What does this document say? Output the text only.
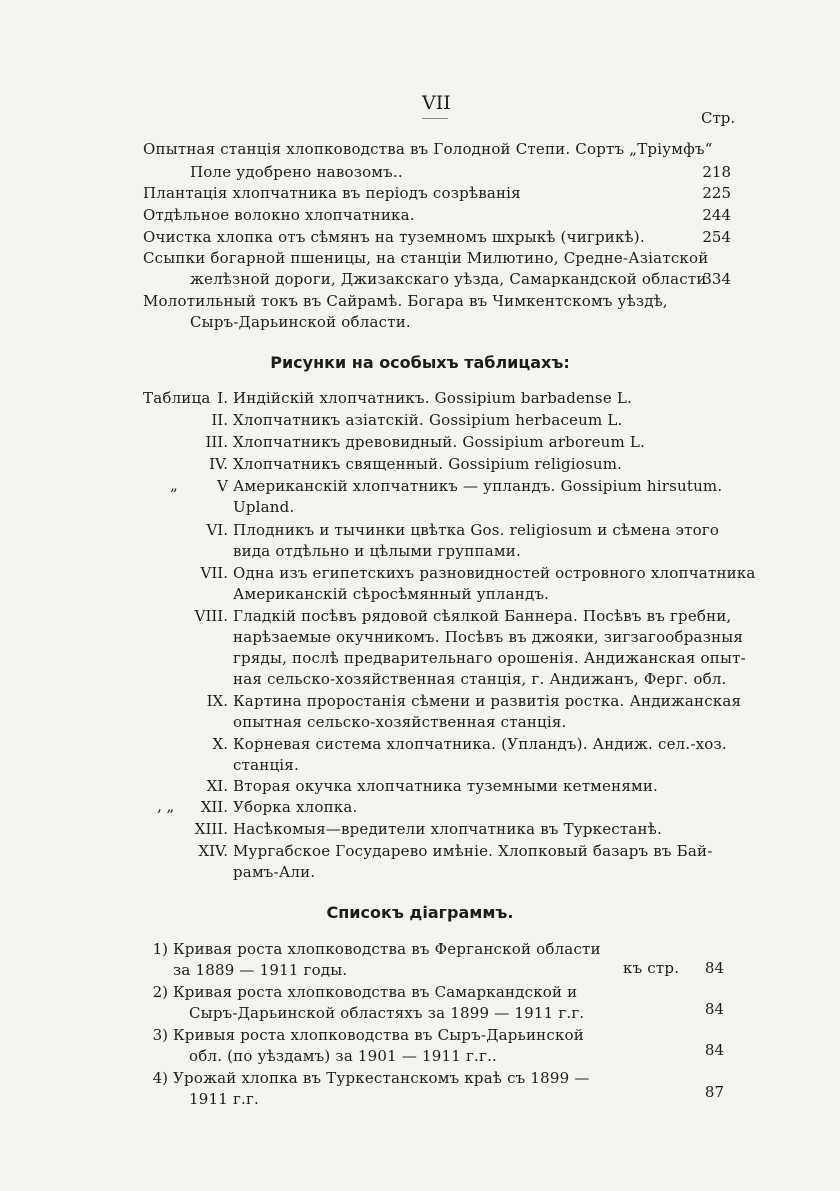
VII
Стр.
Опытная станція хлопководства въ Голодной Степи. Сортъ „Тріумфъ“
Поле удобрено навозомъ..	218
Плантація хлопчатника въ періодъ созрѣванія	225
Отдѣльное волокно хлопчатника.	244
Очистка хлопка отъ сѣмянъ на туземномъ шхрыкѣ (чигрикѣ).	254
Ссыпки богарной пшеницы, на станціи Милютино, Средне-Азіатской
желѣзной дороги, Джизакскаго уѣзда, Самаркандской области
334
Молотильный токъ въ Сайрамѣ. Богара въ Чимкентскомъ уѣздѣ,
Сыръ-Дарьинской области.
Рисунки на особыхъ таблицахъ:
Таблица I. Индійскій хлопчатникъ. Gossipium barbadense L.
II. Хлопчатникъ азіатскій. Gossipium herbaceum L.
III. Хлопчатникъ древовидный. Gossipium arboreum L.
IV. Хлопчатникъ священный. Gossipium religiosum.
„	V Американскій хлопчатникъ — упландъ. Gossipium hirsutum.
Upland.
VI. Плодникъ и тычинки цвѣтка Gos. religiosum и сѣмена этого
вида отдѣльно и цѣлыми группами.
VII. Одна изъ египетскихъ разновидностей островного хлопчатника
Американскій сѣросѣмянный упландъ.
VIII. Гладкій посѣвъ рядовой сѣялкой Баннера. Посѣвъ въ гребни,
нарѣзаемые окучникомъ. Посѣвъ въ джояки, зигзагообразныя
гряды, послѣ предварительнаго орошенія. Андижанская опыт-
ная сельско-хозяйственная станція, г. Андижанъ, Ферг. обл.
IX. Картина проростанія сѣмени и развитія ростка. Андижанская
опытная сельско-хозяйственная станція.
X. Корневая система хлопчатника. (Упландъ). Андиж. сел.-хоз.
станція.
XI. Вторая окучка хлопчатника туземными кетменями.
‚ „	XII. Уборка хлопка.
XIII. Насѣкомыя—вредители хлопчатника въ Туркестанѣ.
XIV. Мургабское Государево имѣніе. Хлопковый базаръ въ Бай-
рамъ-Али.
Списокъ діаграммъ.
1) Кривая роста хлопководства въ Ферганской области
за 1889 — 1911 годы.	къ стр.	84
2) Кривая роста хлопководства въ Самаркандской и
Сыръ-Дарьинской областяхъ за 1899 — 1911 г.г.	84
3) Кривыя роста хлопководства въ Сыръ-Дарьинской
обл. (по уѣздамъ) за 1901 — 1911 г.г..	84
4) Урожай хлопка въ Туркестанскомъ краѣ съ 1899 —
1911 г.г.	87
